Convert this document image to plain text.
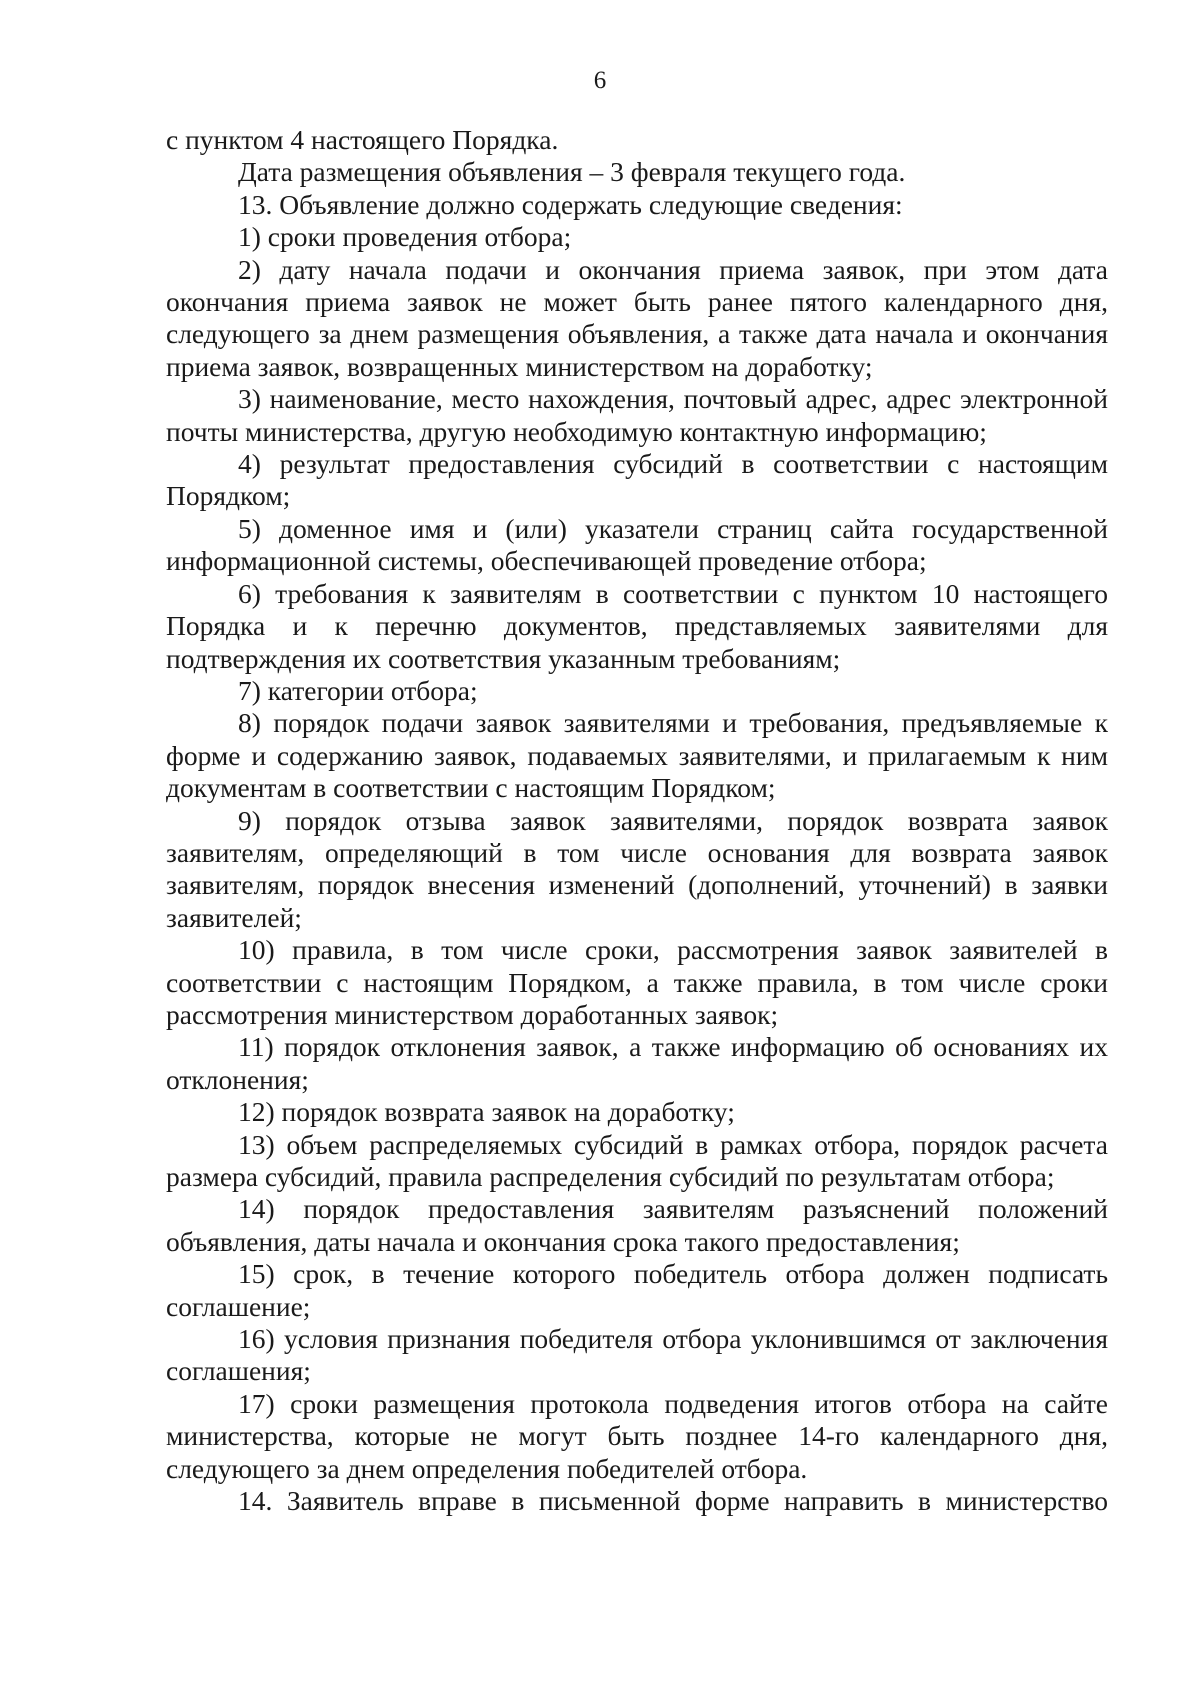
6

с пунктом 4 настоящего Порядка.

Дата размещения объявления – 3 февраля текущего года.

13. Объявление должно содержать следующие сведения:

1) сроки проведения отбора;

2) дату начала подачи и окончания приема заявок, при этом дата окончания приема заявок не может быть ранее пятого календарного дня, следующего за днем размещения объявления, а также дата начала и окончания приема заявок, возвращенных министерством на доработку;

3) наименование, место нахождения, почтовый адрес, адрес электронной почты министерства, другую необходимую контактную информацию;

4) результат предоставления субсидий в соответствии с настоящим Порядком;

5) доменное имя и (или) указатели страниц сайта государственной информационной системы, обеспечивающей проведение отбора;

6) требования к заявителям в соответствии с пунктом 10 настоящего Порядка и к перечню документов, представляемых заявителями для подтверждения их соответствия указанным требованиям;

7) категории отбора;

8) порядок подачи заявок заявителями и требования, предъявляемые к форме и содержанию заявок, подаваемых заявителями, и прилагаемым к ним документам в соответствии с настоящим Порядком;

9) порядок отзыва заявок заявителями, порядок возврата заявок заявителям, определяющий в том числе основания для возврата заявок заявителям, порядок внесения изменений (дополнений, уточнений) в заявки заявителей;

10) правила, в том числе сроки, рассмотрения заявок заявителей в соответствии с настоящим Порядком, а также правила, в том числе сроки рассмотрения министерством доработанных заявок;

11) порядок отклонения заявок, а также информацию об основаниях их отклонения;

12) порядок возврата заявок на доработку;

13) объем распределяемых субсидий в рамках отбора, порядок расчета размера субсидий, правила распределения субсидий по результатам отбора;

14) порядок предоставления заявителям разъяснений положений объявления, даты начала и окончания срока такого предоставления;

15) срок, в течение которого победитель отбора должен подписать соглашение;

16) условия признания победителя отбора уклонившимся от заключения соглашения;

17) сроки размещения протокола подведения итогов отбора на сайте министерства, которые не могут быть позднее 14-го календарного дня, следующего за днем определения победителей отбора.

14. Заявитель вправе в письменной форме направить в министерство
